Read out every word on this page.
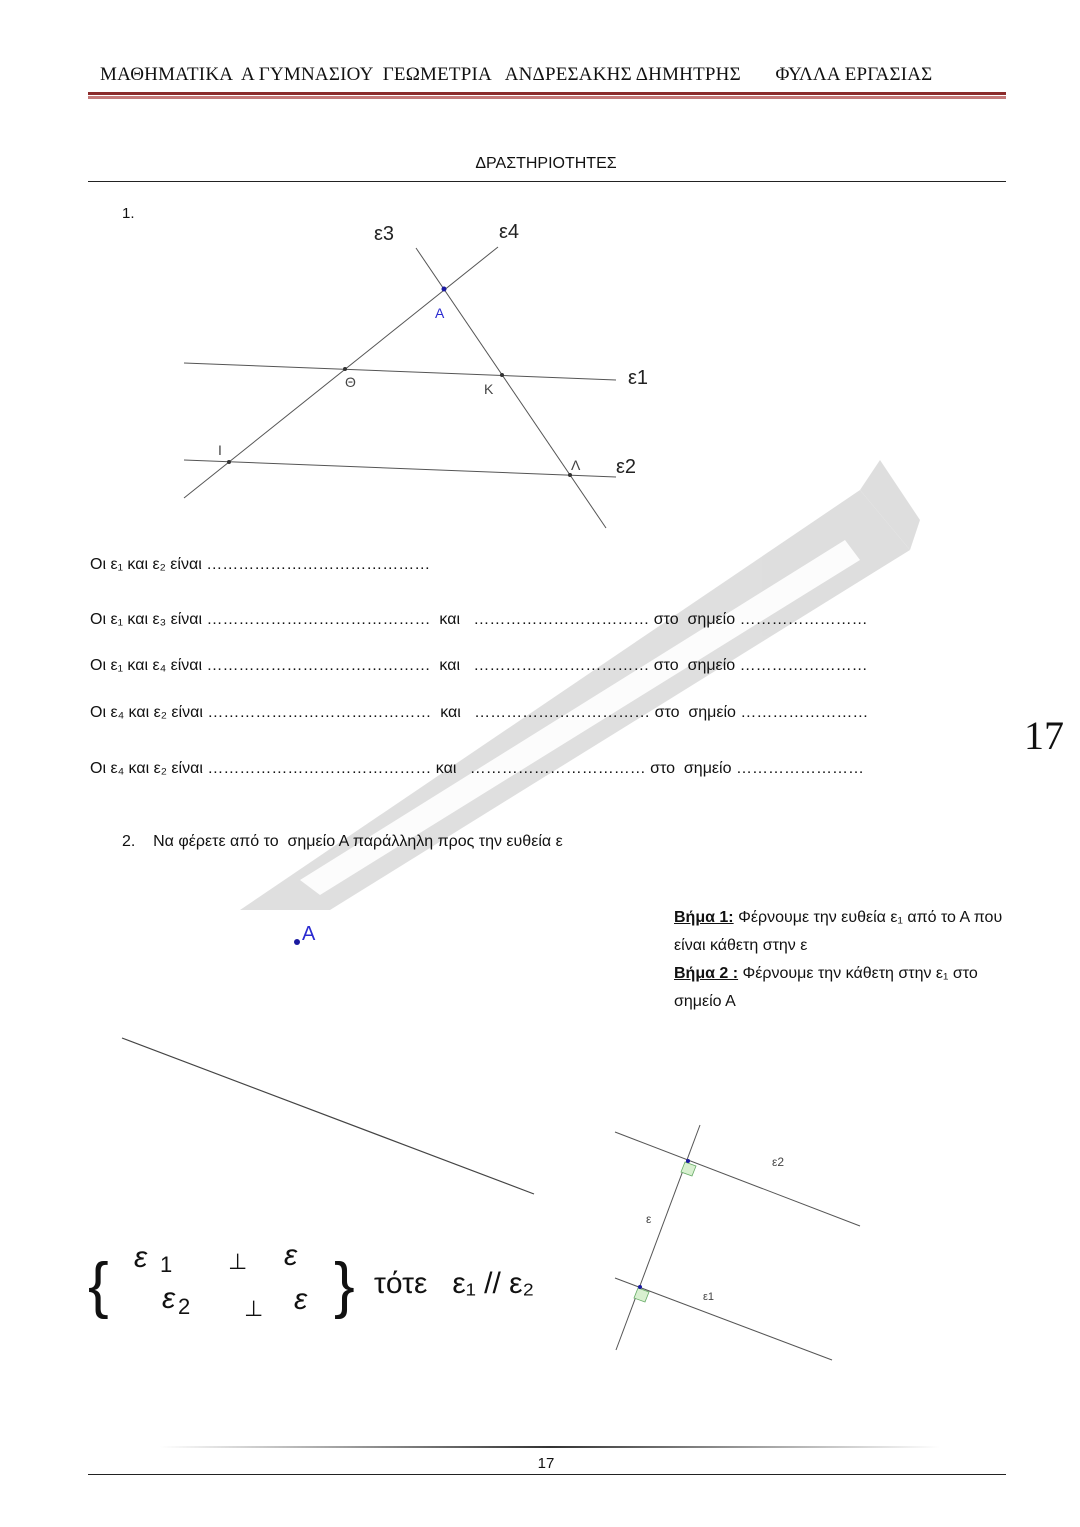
ΜΑΘΗΜΑΤΙΚΑ  Α ΓΥΜΝΑΣΙΟΥ  ΓΕΩΜΕΤΡΙΑ   ΑΝΔΡΕΣΑΚΗΣ ΔΗΜΗΤΡΗΣ       ΦΥΛΛΑ ΕΡΓΑΣΙΑΣ
ΔΡΑΣΤΗΡΙΟΤΗΤΕΣ
1.
ε3	ε4
ε1
ε2
Α
Θ	Κ
Ι
Λ
Οι ε₁ και ε₂ είναι ……………………………………
Οι ε₁ και ε₃ είναι ……………………………………  και   …………………………… στο  σημείο ……………………
Οι ε₁ και ε₄ είναι ……………………………………  και   …………………………… στο  σημείο ……………………
Οι ε₄ και ε₂ είναι ……………………………………  και   …………………………… στο  σημείο ……………………
Οι ε₄ και ε₂ είναι …………………………………… και   …………………………… στο  σημείο ……………………
17
2. Να φέρετε από το  σημείο Α παράλληλη προς την ευθεία ε
Α
Βήμα 1: Φέρνουμε την ευθεία ε₁ από το Α που είναι κάθετη στην ε
Βήμα 2 : Φέρνουμε την κάθετη στην ε₁ στο σημείο Α
ε2
ε
ε1
{ ε 1	⊥ ε
ε 2 ⊥ ε } τότε   ε₁ // ε₂
17
